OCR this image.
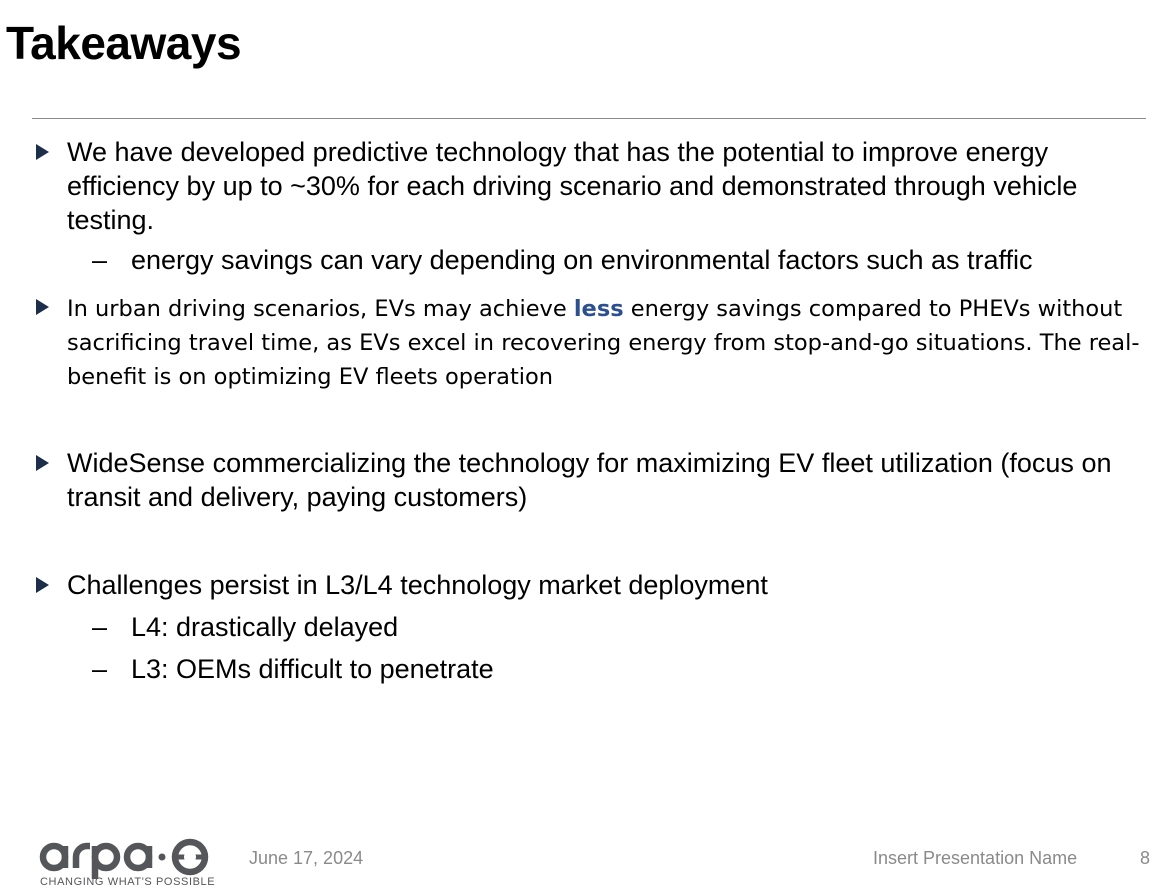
Takeaways
We have developed predictive technology that has the potential to improve energy efficiency by up to ~30% for each driving scenario and demonstrated through vehicle testing.
– energy savings can vary depending on environmental factors such as traffic
In urban driving scenarios, EVs may achieve less energy savings compared to PHEVs without sacrificing travel time, as EVs excel in recovering energy from stop-and-go situations. The real-benefit is on optimizing EV fleets operation
WideSense commercializing the technology for maximizing EV fleet utilization (focus on transit and delivery, paying customers)
Challenges persist in L3/L4 technology market deployment
– L4: drastically delayed
– L3: OEMs difficult to penetrate
CHANGING WHAT'S POSSIBLE
June 17, 2024	Insert Presentation Name	8
